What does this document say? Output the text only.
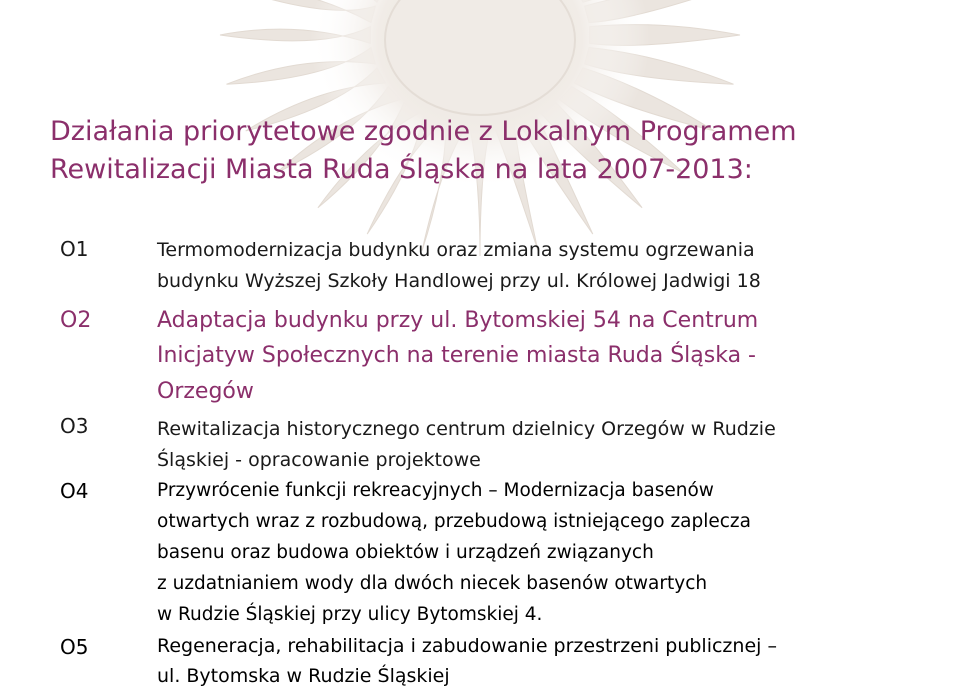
Działania priorytetowe zgodnie z Lokalnym Programem
Rewitalizacji Miasta Ruda Śląska na lata 2007-2013:
O1	Termomodernizacja budynku oraz zmiana systemu ogrzewania
budynku Wyższej Szkoły Handlowej przy ul. Królowej Jadwigi 18
O2	Adaptacja budynku przy ul. Bytomskiej 54 na Centrum
Inicjatyw Społecznych na terenie miasta Ruda Śląska -
Orzegów
O3	Rewitalizacja historycznego centrum dzielnicy Orzegów w Rudzie
Śląskiej - opracowanie projektowe
O4	Przywrócenie funkcji rekreacyjnych – Modernizacja basenów
otwartych wraz z rozbudową, przebudową istniejącego zaplecza
basenu oraz budowa obiektów i urządzeń związanych
z uzdatnianiem wody dla dwóch niecek basenów otwartych
w Rudzie Śląskiej przy ulicy Bytomskiej 4.
O5	Regeneracja, rehabilitacja i zabudowanie przestrzeni publicznej –
ul. Bytomska w Rudzie Śląskiej
